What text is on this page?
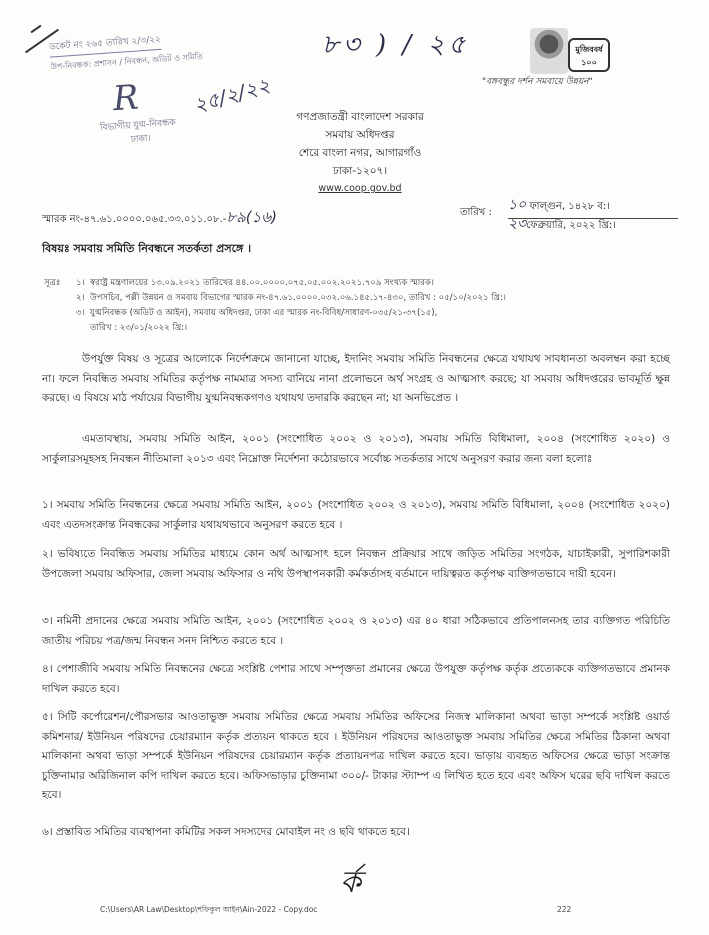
ডকেট নং ২৬৫ তারিখ ২/৩/২২
উপ-নিবন্ধক: প্রশাসন / নিবন্ধন, অডিট ও সমিতি
R	২৫/২/২২
বিভাগীয় যুগ্ম-নিবন্ধক
ঢাকা।
৮৩ ) / ২৫	মুজিববর্ষ ১০০
"বঙ্গবন্ধুর দর্শন সমবায়ে উন্নয়ন"
গণপ্রজাতন্ত্রী বাংলাদেশ সরকার
সমবায় অধিদপ্তর
শেরে বাংলা নগর, আগারগাঁও
ঢাকা-১২০৭।
www.coop.gov.bd
স্মারক নং-৪৭.৬১.০০০০.০৬৫.৩৩.০১১.০৮.-৮৯(১৬)	তারিখ : ১০ ফাল্গুন, ১৪২৮ ব:।
২৩ফেব্রুয়ারি, ২০২২ খ্রি:।
বিষয়ঃ সমবায় সমিতি নিবন্ধনে সতর্কতা প্রসঙ্গে ।
সূত্রঃ	১। স্বরাষ্ট্র মন্ত্রণালয়ের ১৩.০৯.২০২১ তারিখের ৪৪.০০.০০০০.০৭৫.০৫.০০২.২০২১.৭০৯ সংখ্যক স্মারক।
২। উপসচিব, পল্লী উন্নয়ন ও সমবায় বিভাগের স্মারক নং-৪৭.৬১.০০০০.০৩২.০৬.১৪৫.১৭-৪৩০, তারিখ : ০৫/১০/২০২১ খ্রি:।
৩। যুগ্মনিবন্ধক (অডিট ও আইন), সমবায় অধিদপ্তর, ঢাকা এর স্মারক নং-বিবিধ/সাধারণ-০৩৫/২১-৩৭(১৫),
তারিখ : ২৩/০১/২০২২ খ্রি:।
উপর্যুক্ত বিষয় ও সূত্রের আলোকে নির্দেশক্রমে জানানো যাচ্ছে, ইদানিং সমবায় সমিতি নিবন্ধনের ক্ষেত্রে যথাযথ সাবধানতা অবলম্বন করা হচ্ছে না। ফলে নিবন্ধিত সমবায় সমিতির কর্তৃপক্ষ নামমাত্র সদস্য বানিয়ে নানা প্রলোভনে অর্থ সংগ্রহ ও আত্মসাৎ করছে; যা সমবায় অধিদপ্তরের ভাবমূর্তি ক্ষুন্ন করছে। এ বিষয়ে মাঠ পর্যায়ের বিভাগীয় যুগ্মনিবন্ধকগণও যথাযথ তদারকি করছেন না; যা অনভিপ্রেত ।
এমতাবস্থায়, সমবায় সমিতি আইন, ২০০১ (সংশোধিত ২০০২ ও ২০১৩), সমবায় সমিতি বিধিমালা, ২০০৪ (সংশোধিত ২০২০) ও সার্কুলারসমূহসহ নিবন্ধন নীতিমালা ২০১৩ এবং নিম্নোক্ত নির্দেশনা কঠোরভাবে সর্বোচ্চ সতর্কতার সাথে অনুসরণ করার জন্য বলা হলোঃ
১। সমবায় সমিতি নিবন্ধনের ক্ষেত্রে সমবায় সমিতি আইন, ২০০১ (সংশোধিত ২০০২ ও ২০১৩), সমবায় সমিতি বিধিমালা, ২০০৪ (সংশোধিত ২০২০) এবং এতদসংক্রান্ত নিবন্ধকের সার্কুলার যথাযথভাবে অনুসরণ করতে হবে ।
২। ভবিষ্যতে নিবন্ধিত সমবায় সমিতির মাধ্যমে কোন অর্থ আত্মসাৎ হলে নিবন্ধন প্রক্রিয়ার সাথে জড়িত সমিতির সংগঠক, যাচাইকারী, সুপারিশকারী উপজেলা সমবায় অফিসার, জেলা সমবায় অফিসার ও নথি উপস্থাপনকারী কর্মকর্তাসহ বর্তমানে দায়িত্বরত কর্তৃপক্ষ ব্যক্তিগতভাবে দায়ী হবেন।
৩। নমিনী প্রদানের ক্ষেত্রে সমবায় সমিতি আইন, ২০০১ (সংশোধিত ২০০২ ও ২০১৩) এর ৪০ ধারা সঠিকভাবে প্রতিপালনসহ তার ব্যক্তিগত পরিচিতি জাতীয় পরিচয় পত্র/জন্ম নিবন্ধন সনদ নিশ্চিত করতে হবে ।
৪। পেশাজীবি সমবায় সমিতি নিবন্ধনের ক্ষেত্রে সংশ্লিষ্ট পেশার সাথে সম্পৃক্ততা প্রমানের ক্ষেত্রে উপযুক্ত কর্তৃপক্ষ কর্তৃক প্রত্যেককে ব্যক্তিগতভাবে প্রমানক দাখিল করতে হবে।
৫। সিটি কর্পোরেশন/পৌরসভার আওতাভুক্ত সমবায় সমিতির ক্ষেত্রে সমবায় সমিতির অফিসের নিজস্ব মালিকানা অথবা ভাড়া সম্পর্কে সংশ্লিষ্ট ওয়ার্ড কমিশনার/ ইউনিয়ন পরিষদের চেয়ারম্যান কর্তৃক প্রত্যয়ন থাকতে হবে । ইউনিয়ন পরিষদের আওতাভুক্ত সমবায় সমিতির ক্ষেত্রে সমিতির ঠিকানা অথবা মালিকানা অথবা ভাড়া সম্পর্কে ইউনিয়ন পরিষদের চেয়ারম্যান কর্তৃক প্রত্যায়নপত্র দাখিল করতে হবে। ভাড়ায় ব্যবহৃত অফিসের ক্ষেত্রে ভাড়া সংক্রান্ত চুক্তিনামার অরিজিনাল কপি দাখিল করতে হবে। অফিসভাড়ার চুক্তিনামা ৩০০/- টাকার স্ট্যাম্প এ লিখিত হতে হবে এবং অফিস ঘরের ছবি দাখিল করতে হবে।
৬। প্রস্তাবিত সমিতির ব্যবস্থাপনা কমিটির সকল সদস্যদের মোবাইল নং ও ছবি থাকতে হবে।
ৰ্ক
C:\Users\AR Law\Desktop\শফিকুল আইন\Ain-2022 - Copy.doc	222
